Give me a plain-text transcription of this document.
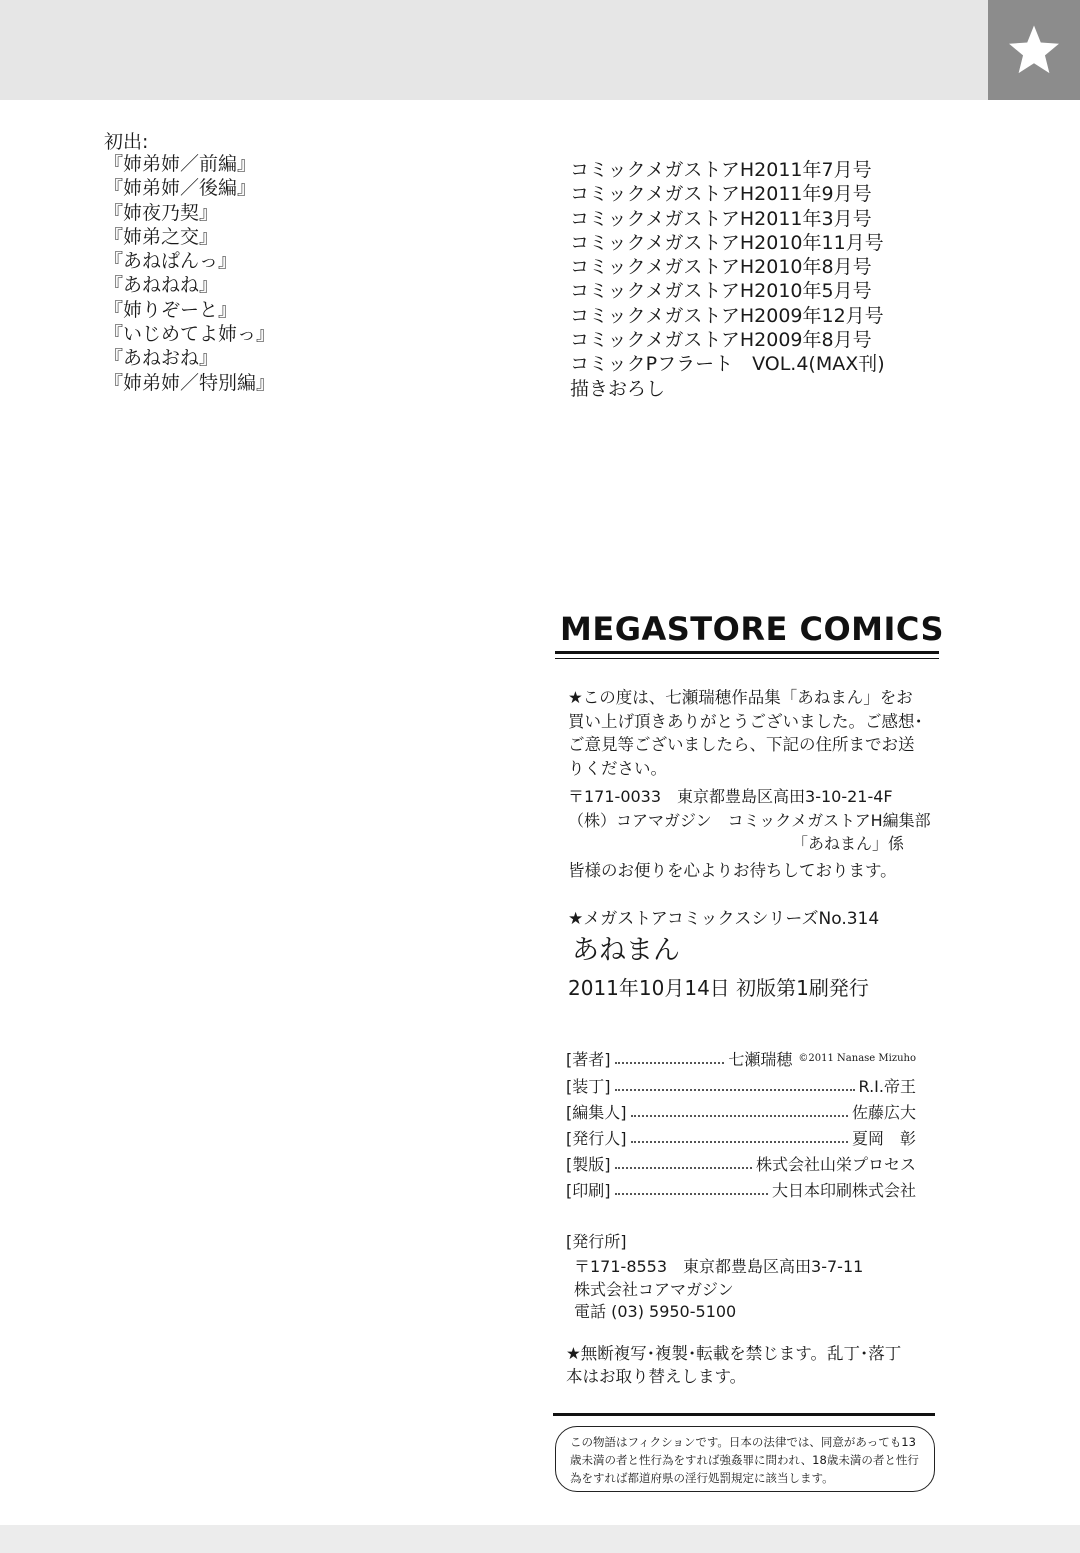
初出:
『姉弟姉／前編』
『姉弟姉／後編』
『姉夜乃契』
『姉弟之交』
『あねぱんっ』
『あねねね』
『姉りぞーと』
『いじめてよ姉っ』
『あねおね』
『姉弟姉／特別編』
コミックメガストアH2011年7月号
コミックメガストアH2011年9月号
コミックメガストアH2011年3月号
コミックメガストアH2010年11月号
コミックメガストアH2010年8月号
コミックメガストアH2010年5月号
コミックメガストアH2009年12月号
コミックメガストアH2009年8月号
コミックPフラート　VOL.4(MAX刊)
描きおろし
MEGASTORE COMICS
★この度は、七瀬瑞穂作品集「あねまん」をお買い上げ頂きありがとうございました。ご感想･ご意見等ございましたら、下記の住所までお送りください。
〒171-0033　東京都豊島区高田3-10-21-4F
（株）コアマガジン　コミックメガストアH編集部
「あねまん」係
皆様のお便りを心よりお待ちしております。
★メガストアコミックスシリーズNo.314
あねまん
2011年10月14日 初版第1刷発行
[著者]	七瀬瑞穂 ©2011 Nanase Mizuho
[装丁]	R.I.帝王
[編集人]	佐藤広大
[発行人]	夏岡　彰
[製版]	株式会社山栄プロセス
[印刷]	大日本印刷株式会社
[発行所]
〒171-8553　東京都豊島区高田3-7-11
株式会社コアマガジン
電話 (03) 5950-5100
★無断複写･複製･転載を禁じます。乱丁･落丁本はお取り替えします。
この物語はフィクションです。日本の法律では、同意があっても13歳未満の者と性行為をすれば強姦罪に問われ、18歳未満の者と性行為をすれば都道府県の淫行処罰規定に該当します。
